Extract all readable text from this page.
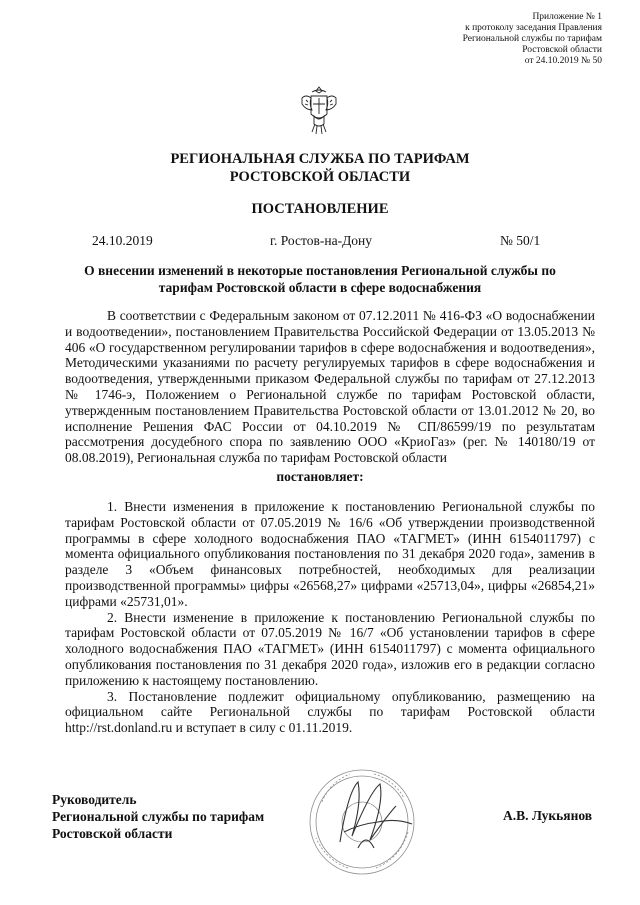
Приложение № 1
к протоколу заседания Правления
Региональной службы по тарифам
Ростовской области
от 24.10.2019 № 50
РЕГИОНАЛЬНАЯ СЛУЖБА ПО ТАРИФАМ
РОСТОВСКОЙ ОБЛАСТИ
ПОСТАНОВЛЕНИЕ
24.10.2019	г. Ростов-на-Дону	№ 50/1
О внесении изменений в некоторые постановления Региональной службы по тарифам Ростовской области в сфере водоснабжения

В соответствии с Федеральным законом от 07.12.2011 № 416-ФЗ «О водоснабжении и водоотведении», постановлением Правительства Российской Федерации от 13.05.2013 № 406 «О государственном регулировании тарифов в сфере водоснабжения и водоотведения», Методическими указаниями по расчету регулируемых тарифов в сфере водоснабжения и водоотведения, утвержденными приказом Федеральной службы по тарифам от 27.12.2013 № 1746-э, Положением о Региональной службе по тарифам Ростовской области, утвержденным постановлением Правительства Ростовской области от 13.01.2012 № 20, во исполнение Решения ФАС России от 04.10.2019 № СП/86599/19 по результатам рассмотрения досудебного спора по заявлению ООО «КриоГаз» (рег. № 140180/19 от 08.08.2019), Региональная служба по тарифам Ростовской области

постановляет:

1. Внести изменения в приложение к постановлению Региональной службы по тарифам Ростовской области от 07.05.2019 № 16/6 «Об утверждении производственной программы в сфере холодного водоснабжения ПАО «ТАГМЕТ» (ИНН 6154011797) с момента официального опубликования постановления по 31 декабря 2020 года», заменив в разделе 3 «Объем финансовых потребностей, необходимых для реализации производственной программы» цифры «26568,27» цифрами «25713,04», цифры «26854,21» цифрами «25731,01».

2. Внести изменение в приложение к постановлению Региональной службы по тарифам Ростовской области от 07.05.2019 № 16/7 «Об установлении тарифов в сфере холодного водоснабжения ПАО «ТАГМЕТ» (ИНН 6154011797) с момента официального опубликования постановления по 31 декабря 2020 года», изложив его в редакции согласно приложению к настоящему постановлению.

3. Постановление подлежит официальному опубликованию, размещению на официальном сайте Региональной службы по тарифам Ростовской области http://rst.donland.ru и вступает в силу с 01.11.2019.

Руководитель
Региональной службы по тарифам
Ростовской области
А.В. Лукьянов
